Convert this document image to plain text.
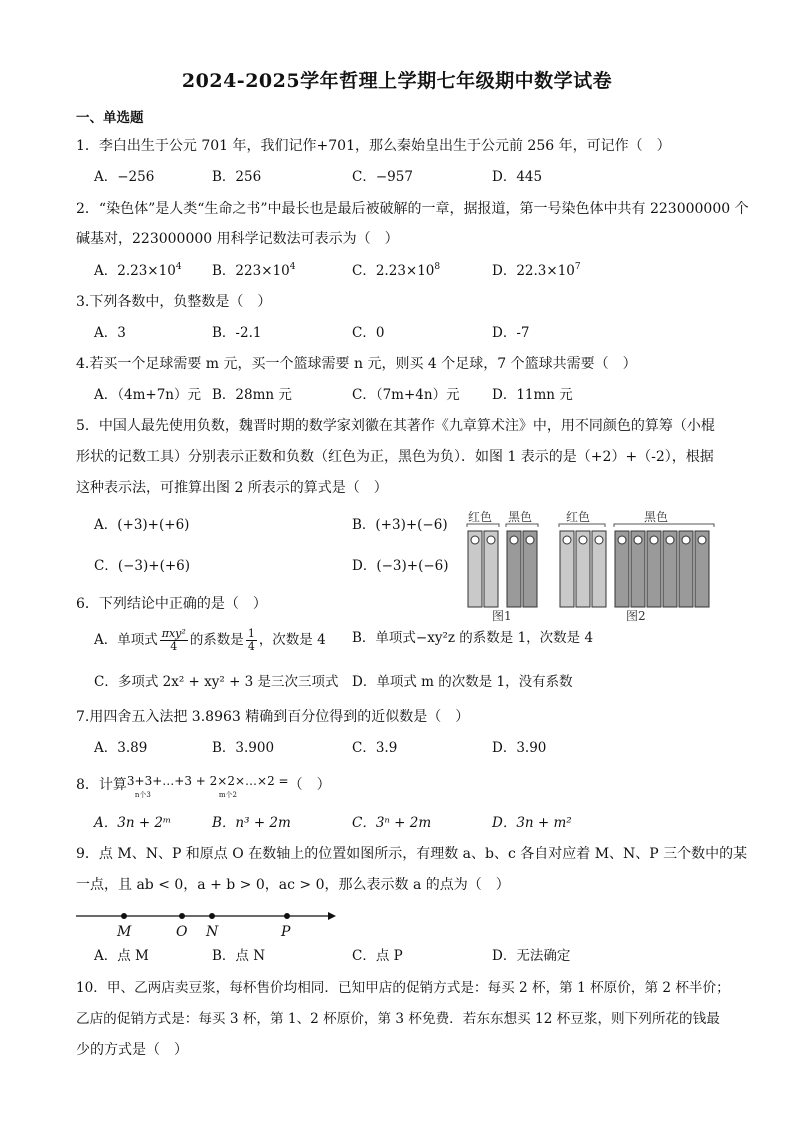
2024-2025学年哲理上学期七年级期中数学试卷
一、单选题
1．李白出生于公元 701 年，我们记作+701，那么秦始皇出生于公元前 256 年，可记作（　）
A．−256	B．256	C．−957	D．445
2．“染色体”是人类“生命之书”中最长也是最后被破解的一章，据报道，第一号染色体中共有 223000000 个
碱基对，223000000 用科学记数法可表示为（　）
A．$2.23\times 10^4$ B．$223\times 10^4$	C．$2.23\times 10^8$	D．$22.3\times 10^7$
3.下列各数中，负整数是（　）
A．3	B．-2.1	C．0	D．-7
4.若买一个足球需要 m 元，买一个篮球需要 n 元，则买 4 个足球，7 个篮球共需要（　）
A．（4m+7n）元 B．28mn 元	C．（7m+4n）元 D．11mn 元
5．中国人最先使用负数，魏晋时期的数学家刘徽在其著作《九章算术注》中，用不同颜色的算筹（小棍
形状的记数工具）分别表示正数和负数（红色为正，黑色为负）．如图 1 表示的是（+2）+（-2），根据
这种表示法，可推算出图 2 所表示的算式是（　）
A．(+3)+(+6)	B．(+3)+(−6)
C．(−3)+(+6)	D．(−3)+(−6)
红色 黑色	红色	黑色
图1	图2
6．下列结论中正确的是（　）
A．单项式 $\frac{\text{πxy²}}{4}$ 的系数是 $\frac{1}{4}$ ，次数是 4 B．单项式−xy²z 的系数是 1，次数是 4
C．多项式 2x² + xy² + 3 是三次三项式 D．单项式 m 的次数是 1，没有系数
7.用四舍五入法把 3.8963 精确到百分位得到的近似数是（　）
A．3.89	B．3.900	C．3.9	D．3.90
8．计算3+3+…+3 + 2×2×…×2 =
n个3	m个2
（　）
A．3n + 2ᵐ	B．n³ + 2m	C．3ⁿ + 2m	D．3n + m²
9．点 M、N、P 和原点 O 在数轴上的位置如图所示，有理数 a、b、c 各自对应着 M、N、P 三个数中的某
一点，且 ab < 0，a + b > 0，ac > 0，那么表示数 a 的点为（　）
M	O N	P
A．点 M	B．点 N	C．点 P	D．无法确定
10．甲、乙两店卖豆浆，每杯售价均相同．已知甲店的促销方式是：每买 2 杯，第 1 杯原价，第 2 杯半价；
乙店的促销方式是：每买 3 杯，第 1、2 杯原价，第 3 杯免费．若东东想买 12 杯豆浆，则下列所花的钱最
少的方式是（　）
